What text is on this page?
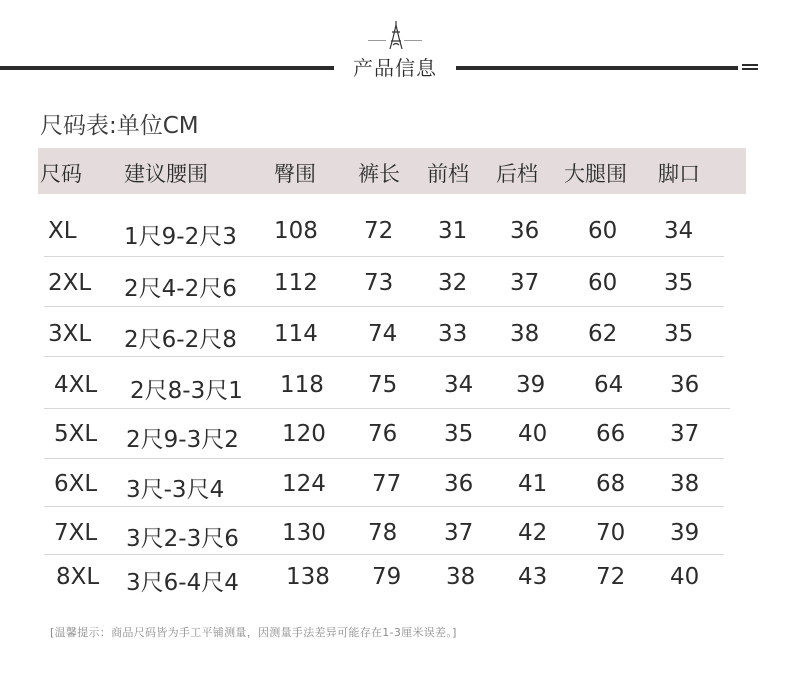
产品信息
尺码表:单位CM
尺码 建议腰围	臀围 裤长 前档 后档 大腿围 脚口
XL 1尺9-2尺3 108 72 31 36 60 34
2XL 2尺4-2尺6 112 73 32 37 60 35
3XL 2尺6-2尺8 114 74 33 38 62 35
4XL 2尺8-3尺1 118 75 34 39 64 36
5XL 2尺9-3尺2 120 76 35 40 66 37
6XL 3尺-3尺4	124 77 36 41 68 38
7XL 3尺2-3尺6 130 78 37 42 70 39
8XL 3尺6-4尺4 138 79 38 43 72 40
[温馨提示：商品尺码皆为手工平铺测量，因测量手法差异可能存在1-3厘米误差。]
